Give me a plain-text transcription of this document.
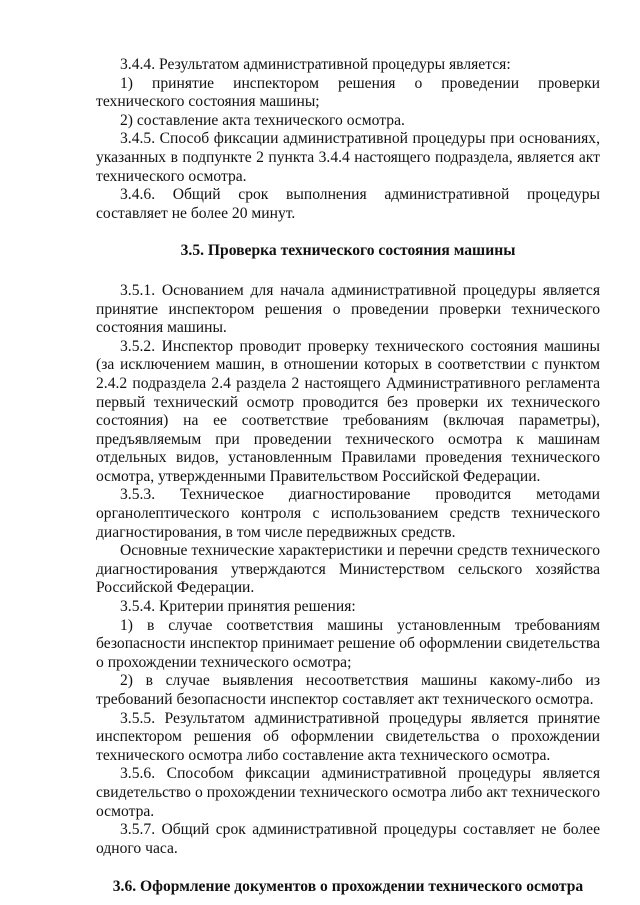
3.4.4. Результатом административной процедуры является:

1) принятие инспектором решения о проведении проверки технического состояния машины;

2) составление акта технического осмотра.

3.4.5. Способ фиксации административной процедуры при основаниях, указанных в подпункте 2 пункта 3.4.4 настоящего подраздела, является акт технического осмотра.

3.4.6. Общий срок выполнения административной процедуры составляет не более 20 минут.

3.5. Проверка технического состояния машины

3.5.1. Основанием для начала административной процедуры является принятие инспектором решения о проведении проверки технического состояния машины.

3.5.2. Инспектор проводит проверку технического состояния машины (за исключением машин, в отношении которых в соответствии с пунктом 2.4.2 подраздела 2.4 раздела 2 настоящего Административного регламента первый технический осмотр проводится без проверки их технического состояния) на ее соответствие требованиям (включая параметры), предъявляемым при проведении технического осмотра к машинам отдельных видов, установленным Правилами проведения технического осмотра, утвержденными Правительством Российской Федерации.

3.5.3. Техническое диагностирование проводится методами органолептического контроля с использованием средств технического диагностирования, в том числе передвижных средств.

Основные технические характеристики и перечни средств технического диагностирования утверждаются Министерством сельского хозяйства Российской Федерации.

3.5.4. Критерии принятия решения:

1) в случае соответствия машины установленным требованиям безопасности инспектор принимает решение об оформлении свидетельства о прохождении технического осмотра;

2) в случае выявления несоответствия машины какому-либо из требований безопасности инспектор составляет акт технического осмотра.

3.5.5. Результатом административной процедуры является принятие инспектором решения об оформлении свидетельства о прохождении технического осмотра либо составление акта технического осмотра.

3.5.6. Способом фиксации административной процедуры является свидетельство о прохождении технического осмотра либо акт технического осмотра.

3.5.7. Общий срок административной процедуры составляет не более одного часа.

3.6. Оформление документов о прохождении технического осмотра
